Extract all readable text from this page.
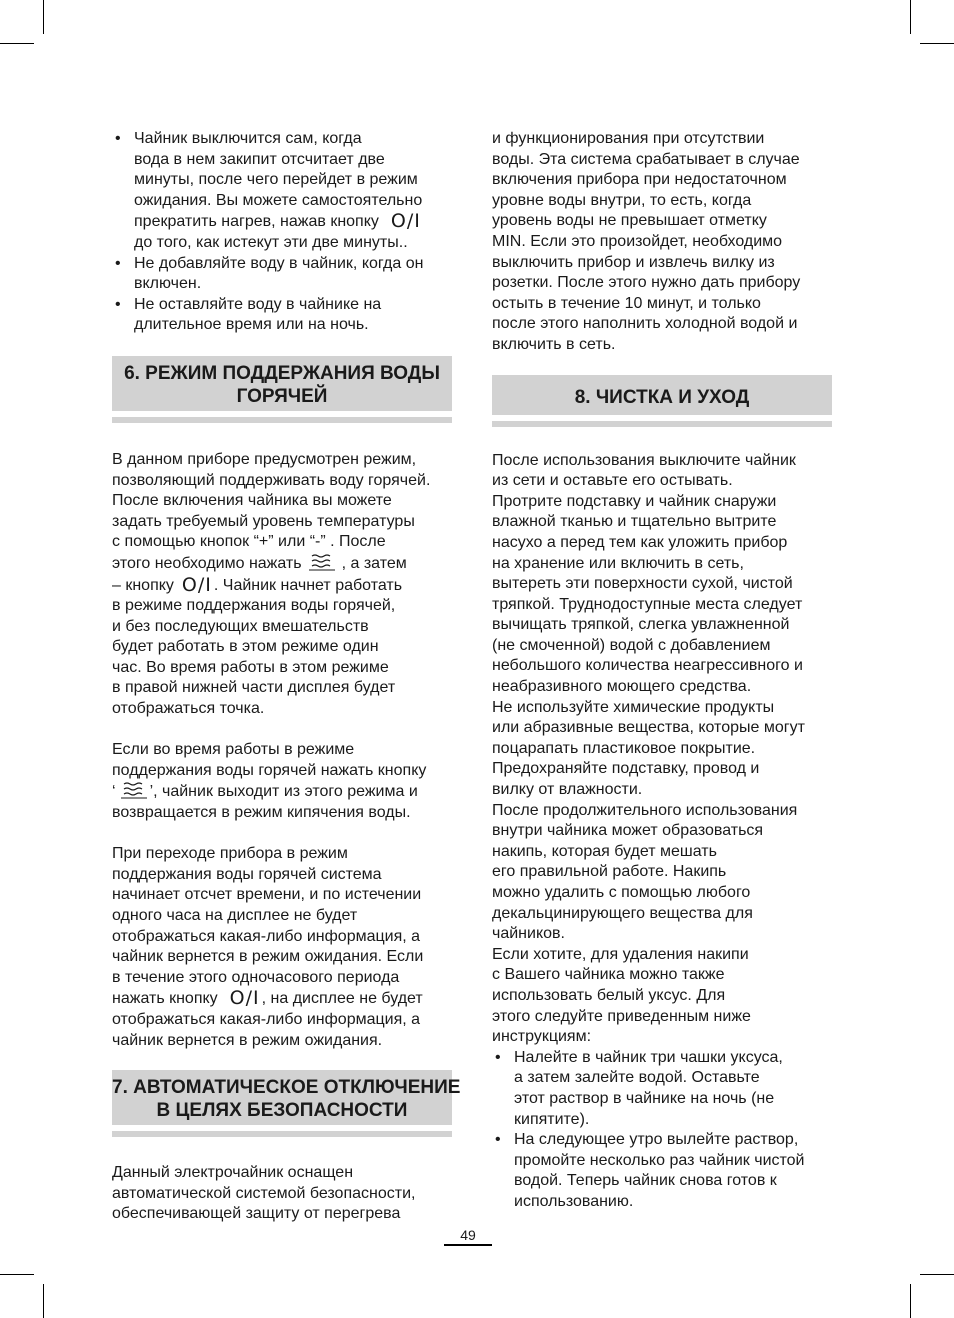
• Чайник выключится сам, когда
вода в нем закипит отсчитает две
минуты, после чего перейдет в режим
ожидания. Вы можете самостоятельно
прекратить нагрев, нажав кнопку O/I
до того, как истекут эти две минуты..
• Не добавляйте воду в чайник, когда он
включен.
• Не оставляйте воду в чайнике на
длительное время или на ночь.
6. РЕЖИМ ПОДДЕРЖАНИЯ ВОДЫ
ГОРЯЧЕЙ
В данном приборе предусмотрен режим,
позволяющий поддерживать воду горячей.
После включения чайника вы можете
задать требуемый уровень температуры
с помощью кнопок “+” или “-” . После
этого необходимо нажать	, а затем
– кнопку O/I . Чайник начнет работать
в режиме поддержания воды горячей,
и без последующих вмешательств
будет работать в этом режиме один
час. Во время работы в этом режиме
в правой нижней части дисплея будет
отображаться точка.
Если во время работы в режиме
поддержания воды горячей нажать кнопку
‘ ’, чайник выходит из этого режима и
возвращается в режим кипячения воды.
При переходе прибора в режим
поддержания воды горячей система
начинает отсчет времени, и по истечении
одного часа на дисплее не будет
отображаться какая-либо информация, а
чайник вернется в режим ожидания. Если
в течение этого одночасового периода
нажать кнопку O/I , на дисплее не будет
отображаться какая-либо информация, а
чайник вернется в режим ожидания.
7. АВТОМАТИЧЕСКОЕ ОТКЛЮЧЕНИЕ
В ЦЕЛЯХ БЕЗОПАСНОСТИ
Данный электрочайник оснащен
автоматической системой безопасности,
обеспечивающей защиту от перегрева
и функционирования при отсутствии
воды. Эта система срабатывает в случае
включения прибора при недостаточном
уровне воды внутри, то есть, когда
уровень воды не превышает отметку
MIN. Если это произойдет, необходимо
выключить прибор и извлечь вилку из
розетки. После этого нужно дать прибору
остыть в течение 10 минут, и только
после этого наполнить холодной водой и
включить в сеть.
8. ЧИСТКА И УХОД
После использования выключите чайник
из сети и оставьте его остывать.
Протрите подставку и чайник снаружи
влажной тканью и тщательно вытрите
насухо а перед тем как уложить прибор
на хранение или включить в сеть,
вытереть эти поверхности сухой, чистой
тряпкой. Труднодоступные места следует
вычищать тряпкой, слегка увлажненной
(не смоченной) водой с добавлением
небольшого количества неагрессивного и
неабразивного моющего средства.
Не используйте химические продукты
или абразивные вещества, которые могут
поцарапать пластиковое покрытие.
Предохраняйте подставку, провод и
вилку от влажности.
После продолжительного использования
внутри чайника может образоваться
накипь, которая будет мешать
его правильной работе. Накипь
можно удалить с помощью любого
декальцинирующего вещества для
чайников.
Если хотите, для удаления накипи
с Вашего чайника можно также
использовать белый уксус. Для
этого следуйте приведенным ниже
инструкциям:
• Налейте в чайник три чашки уксуса,
а затем залейте водой. Оставьте
этот раствор в чайнике на ночь (не
кипятите).
• На следующее утро вылейте раствор,
промойте несколько раз чайник чистой
водой. Теперь чайник снова готов к
использованию.
49
